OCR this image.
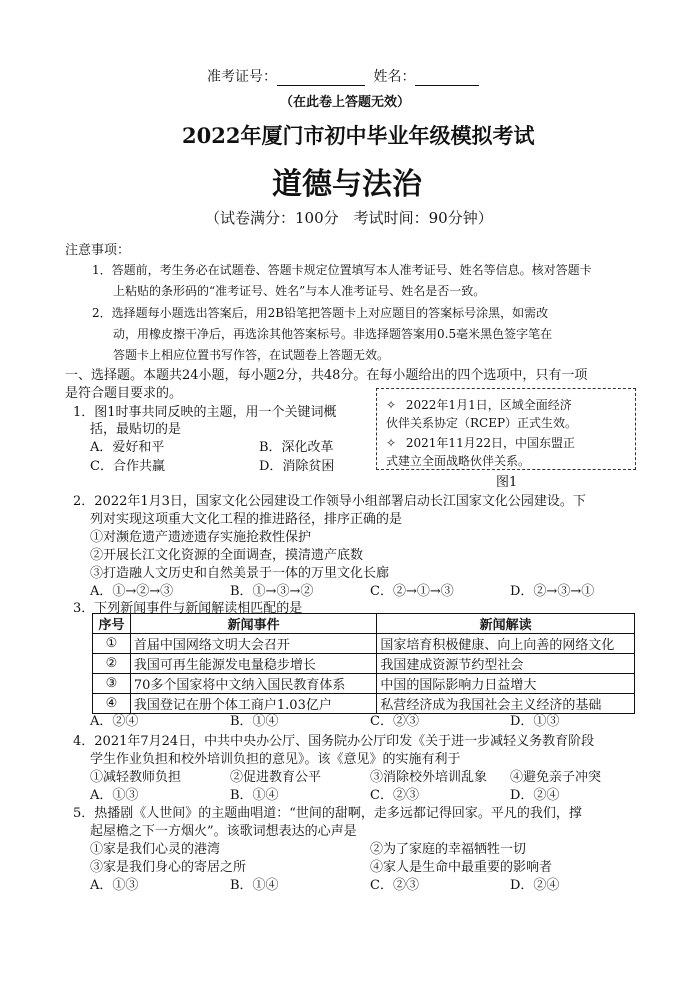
准考证号：	姓名：
（在此卷上答题无效）
2022年厦门市初中毕业年级模拟考试
道德与法治
（试卷满分：100分　考试时间：90分钟）
注意事项：
1．答题前，考生务必在试题卷、答题卡规定位置填写本人准考证号、姓名等信息。核对答题卡
上粘贴的条形码的“准考证号、姓名”与本人准考证号、姓名是否一致。
2．选择题每小题选出答案后，用2B铅笔把答题卡上对应题目的答案标号涂黑，如需改
动，用橡皮擦干净后，再选涂其他答案标号。非选择题答案用0.5毫米黑色签字笔在
答题卡上相应位置书写作答，在试题卷上答题无效。
一、选择题。本题共24小题，每小题2分，共48分。在每小题给出的四个选项中，只有一项
是符合题目要求的。
✧ 2022年1月1日，区域全面经济
伙伴关系协定（RCEP）正式生效。
✧ 2021年11月22日，中国东盟正
式建立全面战略伙伴关系。
图1
1．图1时事共同反映的主题，用一个关键词概
括，最贴切的是
A．爱好和平	B．深化改革
C．合作共赢	D．消除贫困
2．2022年1月3日，国家文化公园建设工作领导小组部署启动长江国家文化公园建设。下
列对实现这项重大文化工程的推进路径，排序正确的是
①对濒危遗产遗迹遗存实施抢救性保护
②开展长江文化资源的全面调查，摸清遗产底数
③打造融人文历史和自然美景于一体的万里文化长廊
A．①→②→③	B．①→③→②	C．②→①→③	D．②→③→①
3．下列新闻事件与新闻解读相匹配的是
序号	新闻事件	新闻解读
①	首届中国网络文明大会召开	国家培育积极健康、向上向善的网络文化
②	我国可再生能源发电量稳步增长	我国建成资源节约型社会
③	70多个国家将中文纳入国民教育体系	中国的国际影响力日益增大
④	我国登记在册个体工商户1.03亿户	私营经济成为我国社会主义经济的基础
A．②④	B．①④	C．②③	D．①③
4．2021年7月24日，中共中央办公厅、国务院办公厅印发《关于进一步减轻义务教育阶段
学生作业负担和校外培训负担的意见》。该《意见》的实施有利于
①减轻教师负担	②促进教育公平	③消除校外培训乱象 ④避免亲子冲突
A．①③	B．①④	C．②③	D．②④
5．热播剧《人世间》的主题曲唱道：“世间的甜啊，走多远都记得回家。平凡的我们，撑
起屋檐之下一方烟火”。该歌词想表达的心声是
①家是我们心灵的港湾	②为了家庭的幸福牺牲一切
③家是我们身心的寄居之所	④家人是生命中最重要的影响者
A．①③	B．①④	C．②③	D．②④
